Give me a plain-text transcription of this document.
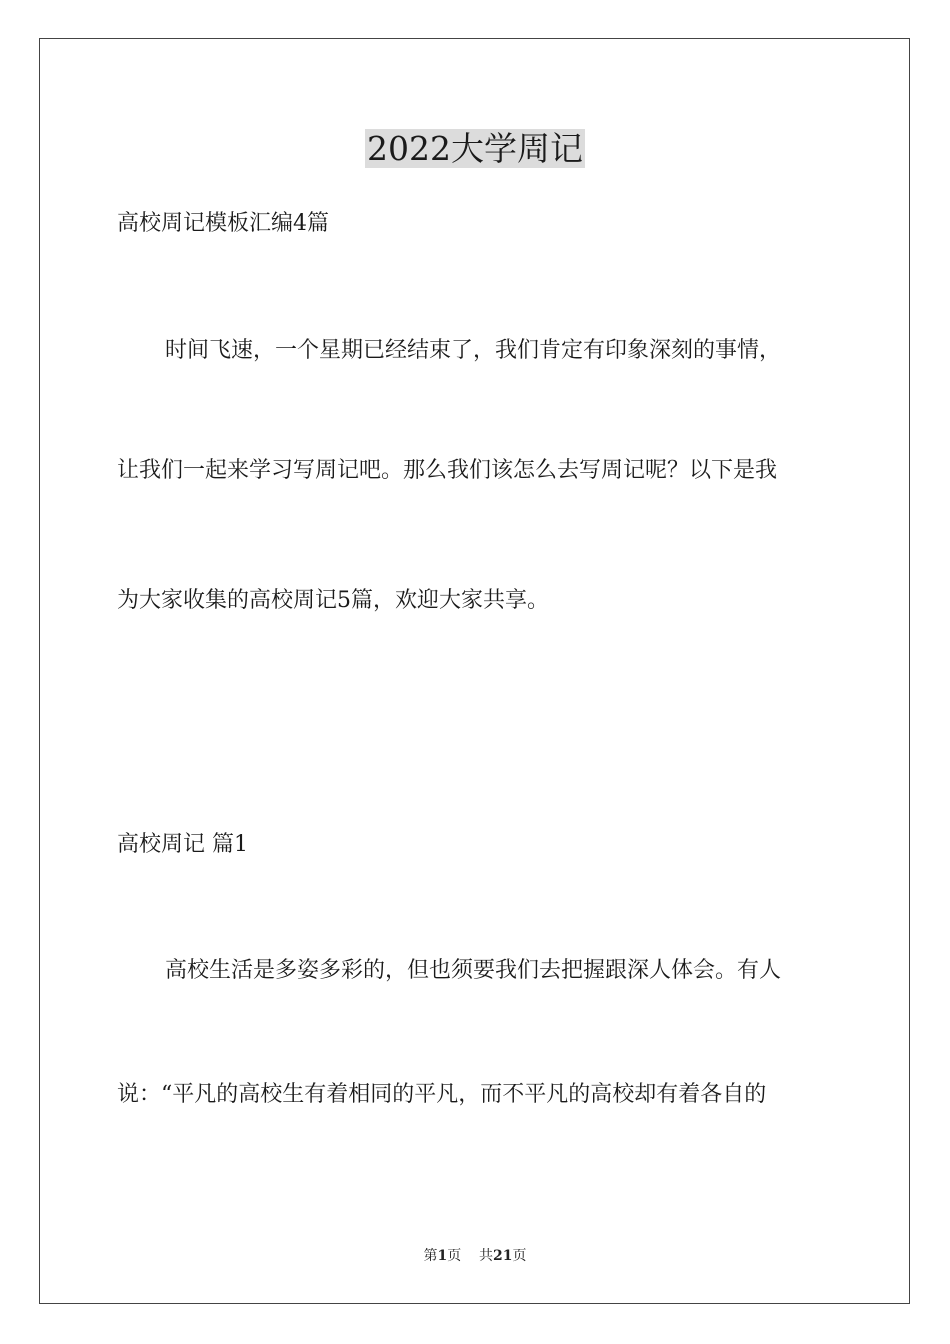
2022大学周记

高校周记模板汇编4篇

时间飞速，一个星期已经结束了，我们肯定有印象深刻的事情，

让我们一起来学习写周记吧。那么我们该怎么去写周记呢？以下是我

为大家收集的高校周记5篇，欢迎大家共享。

高校周记 篇1

高校生活是多姿多彩的，但也须要我们去把握跟深人体会。有人

说：“平凡的高校生有着相同的平凡，而不平凡的高校却有着各自的

第1页 共21页
